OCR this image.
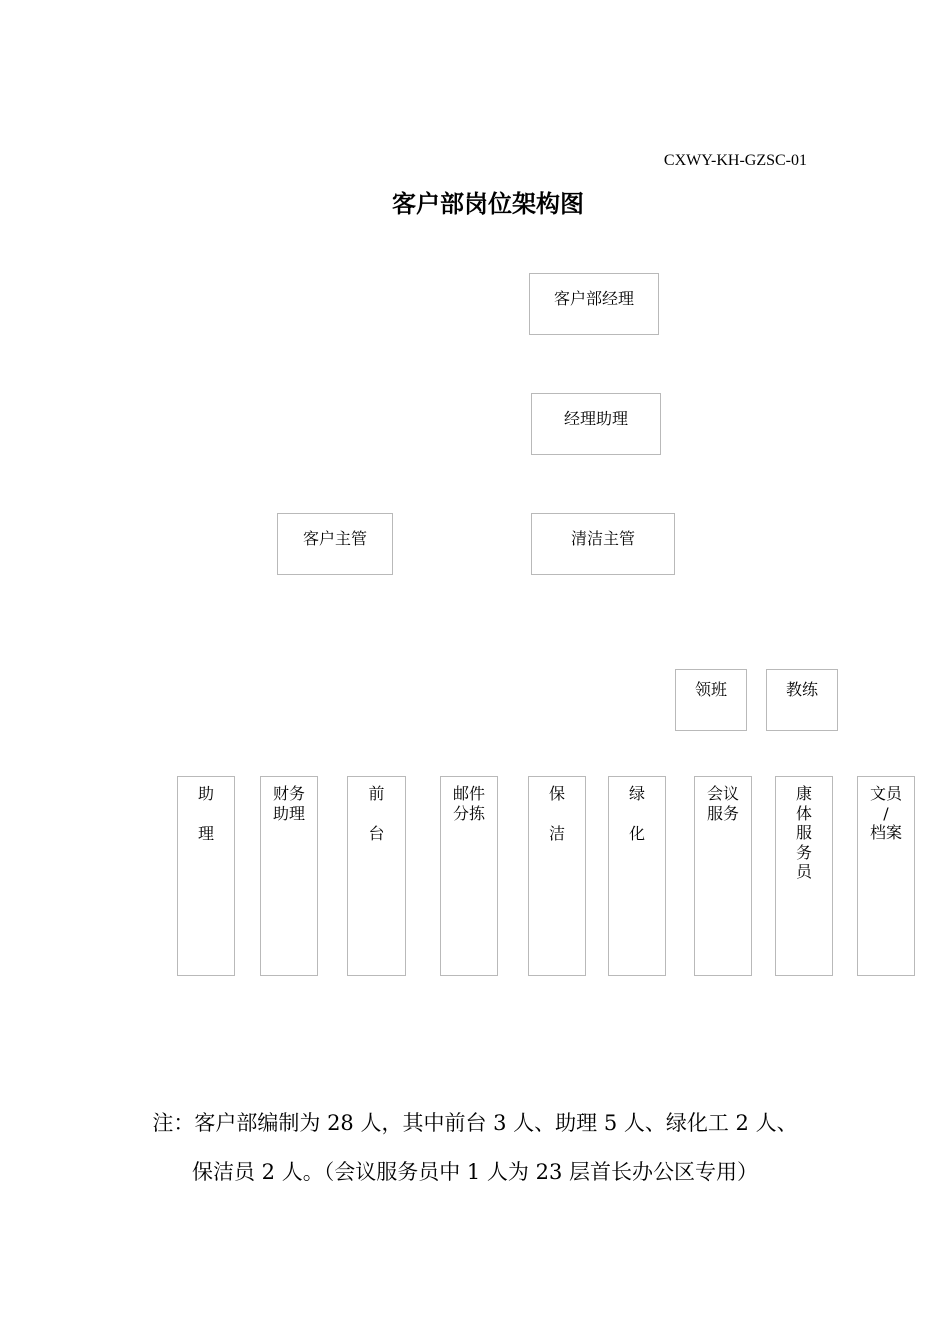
CXWY-KH-GZSC-01
客户部岗位架构图
客户部经理
经理助理
客户主管	清洁主管
领班	教练
助
理
财务
助理
前
台
邮件
分拣
保
洁
绿
化
会议
服务
康
体
服
务
员
文员
/
档案
注：客户部编制为 28 人，其中前台 3 人、助理 5 人、绿化工 2 人、
保洁员 2 人。（会议服务员中 1 人为 23 层首长办公区专用）
